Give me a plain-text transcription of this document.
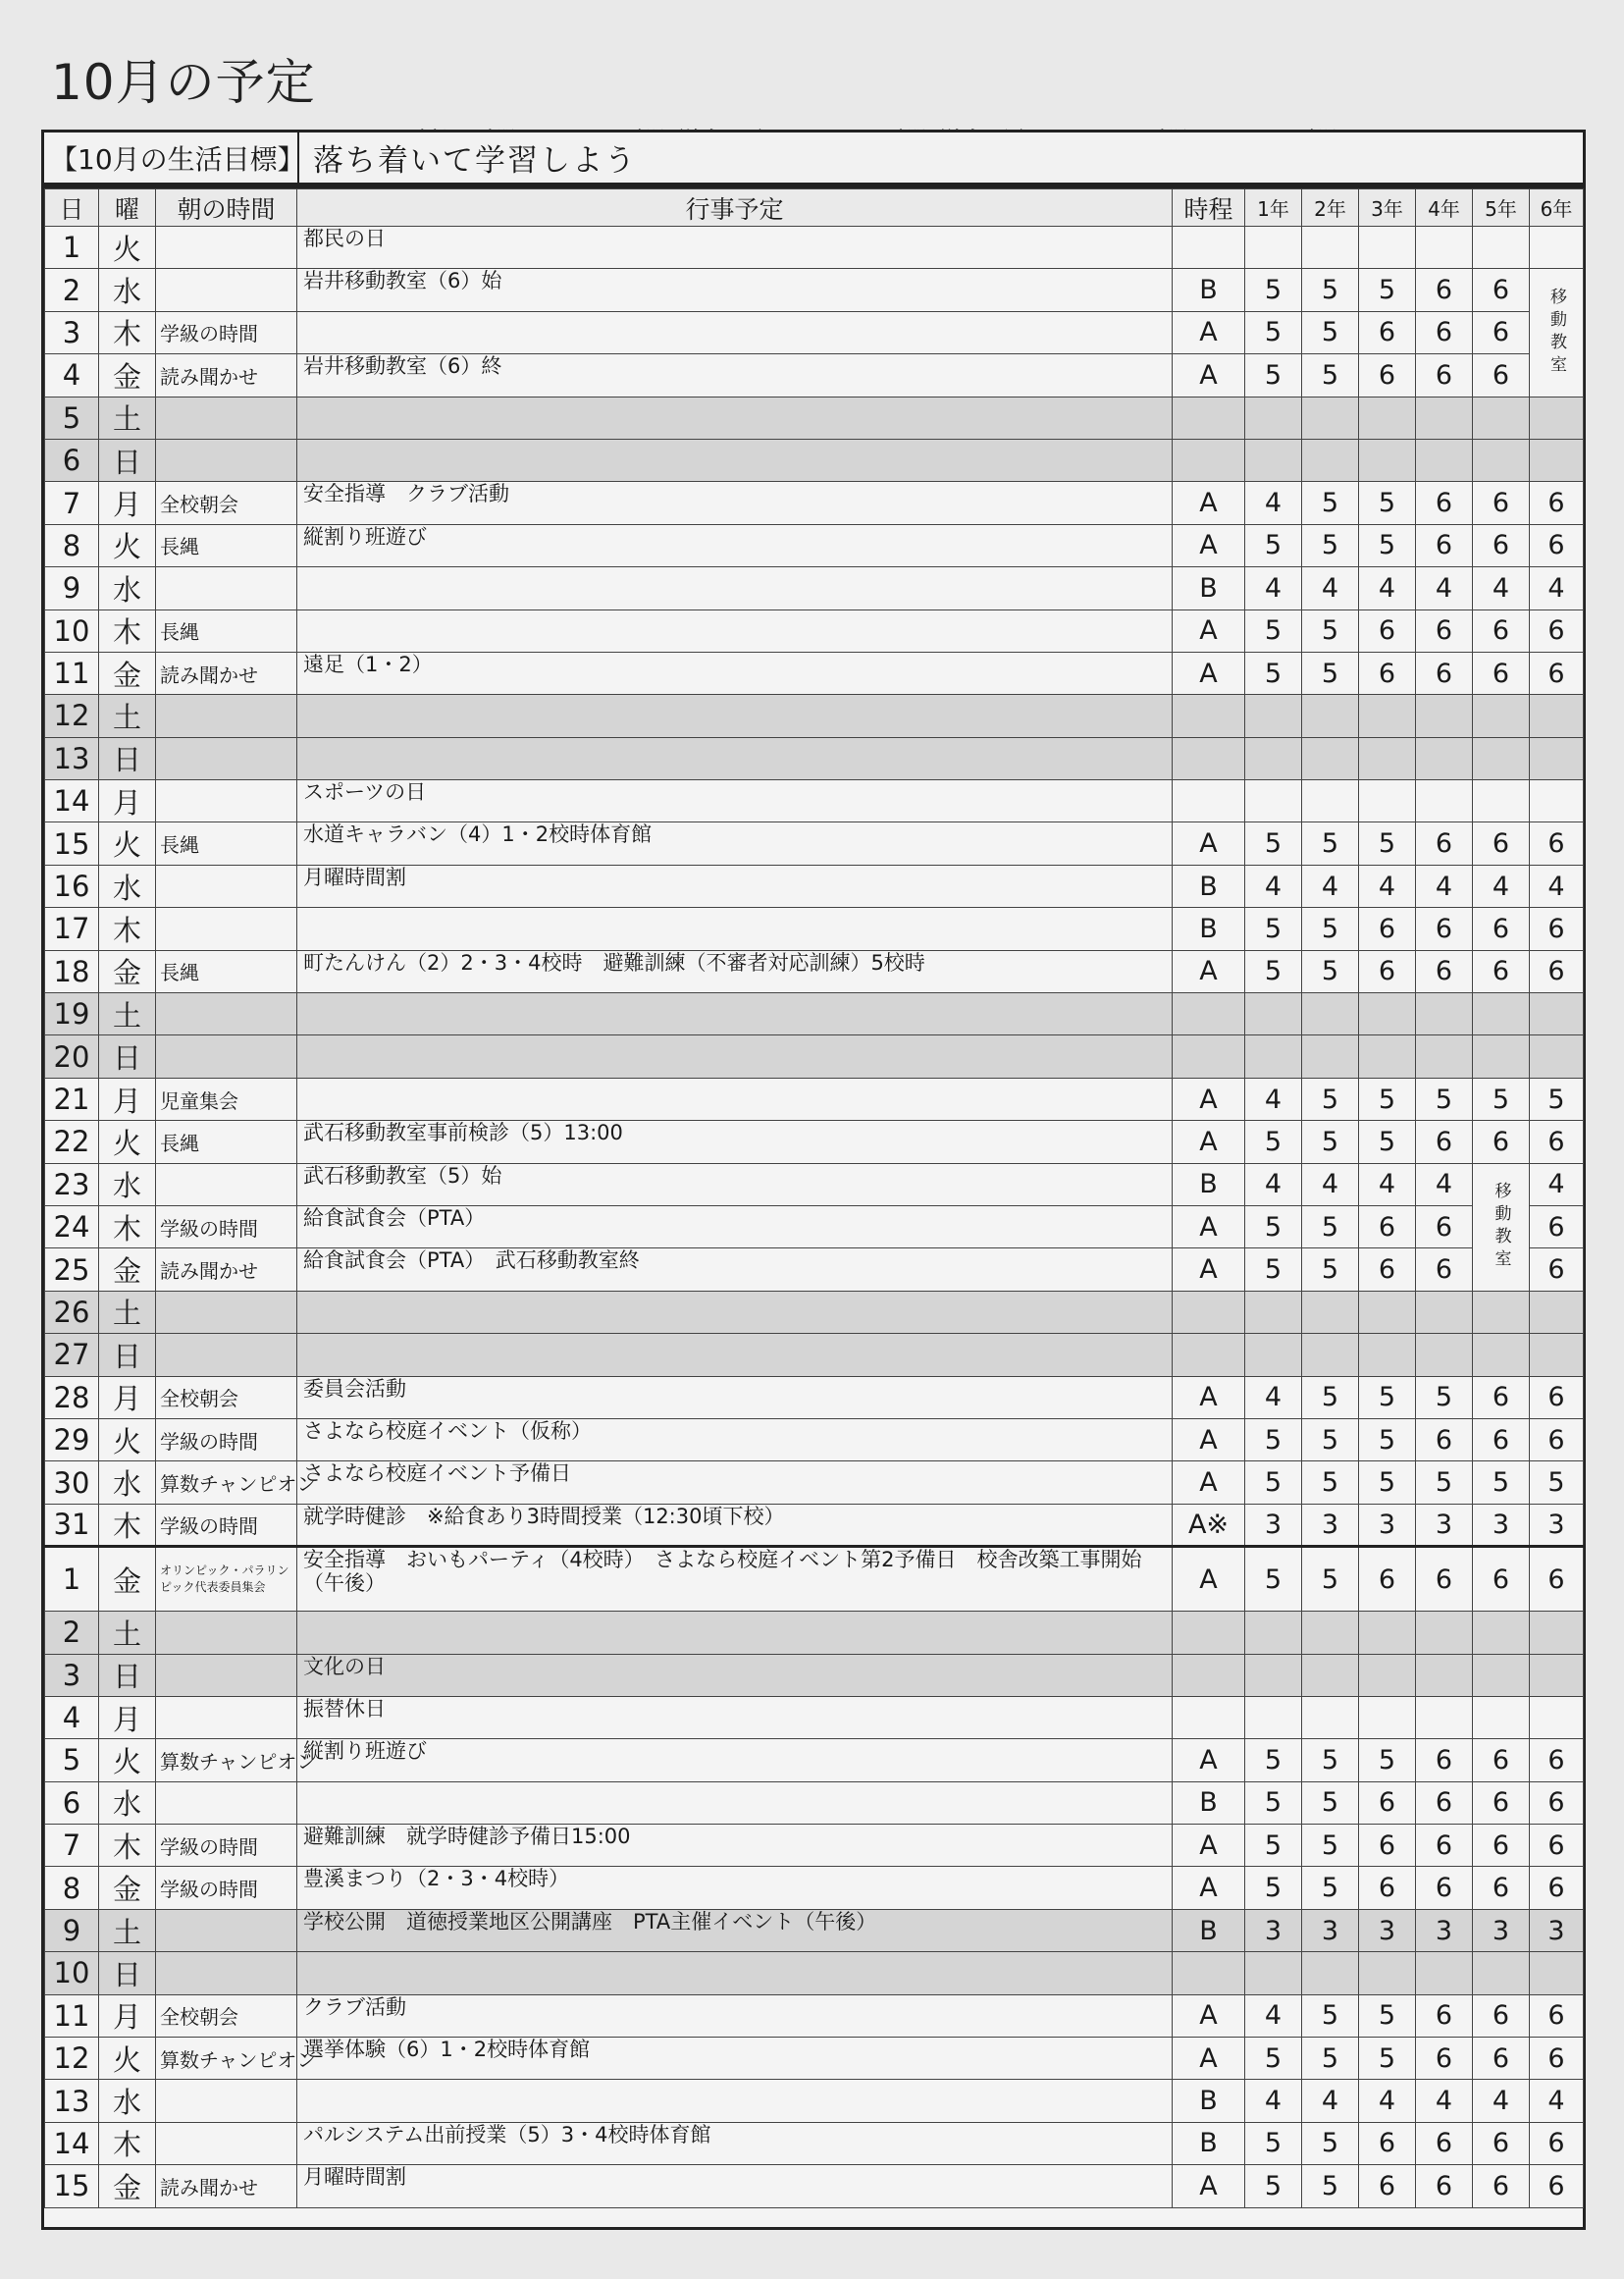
10月の予定

【10月の生活目標】 落ち着いて学習しよう
日	曜	朝の時間	行事予定	時程	1年	2年	3年	4年	5年	6年
1	火		都民の日							
2	水		岩井移動教室（6）始	B	5	5	5	6	6	移動教室

3	木	学級の時間		A	5	5	6	6	6	
4	金	読み聞かせ	岩井移動教室（6）終	A	5	5	6	6	6	
5	土									
6	日									
7	月	全校朝会	安全指導　クラブ活動	A	4	5	5	6	6	6
8	火	長縄	縦割り班遊び	A	5	5	5	6	6	6
9	水			B	4	4	4	4	4	4
10	木	長縄		A	5	5	6	6	6	6
11	金	読み聞かせ	遠足（1・2）	A	5	5	6	6	6	6
12	土									
13	日									
14	月		スポーツの日							
15	火	長縄	水道キャラバン（4）1・2校時体育館	A	5	5	5	6	6	6
16	水		月曜時間割	B	4	4	4	4	4	4
17	木			B	5	5	6	6	6	6
18	金	長縄	町たんけん（2）2・3・4校時　避難訓練（不審者対応訓練）5校時	A	5	5	6	6	6	6
19	土									
20	日									
21	月	児童集会		A	4	5	5	5	5	5
22	火	長縄	武石移動教室事前検診（5）13:00	A	5	5	5	6	6	6
23	水		武石移動教室（5）始	B	4	4	4	4	移動教室	4
24	木	学級の時間	給食試食会（PTA）	A	5	5	6	6		6
25	金	読み聞かせ	給食試食会（PTA）　武石移動教室終	A	5	5	6	6		6
26	土									
27	日									
28	月	全校朝会	委員会活動	A	4	5	5	5	6	6
29	火	学級の時間	さよなら校庭イベント（仮称）	A	5	5	5	6	6	6
30	水	算数チャンピオン	さよなら校庭イベント予備日	A	5	5	5	5	5	5
31	木	学級の時間	就学時健診　※給食あり3時間授業（12:30頃下校）	A※	3	3	3	3	3	3
1	金	オリンピック・パラリンピック代表委員集会	安全指導　おいもパーティ（4校時）　さよなら校庭イベント第2予備日　校舎改築工事開始（午後）	A	5	5	6	6	6	6
2	土									
3	日		文化の日							
4	月		振替休日							
5	火	算数チャンピオン	縦割り班遊び	A	5	5	5	6	6	6
6	水			B	5	5	6	6	6	6
7	木	学級の時間	避難訓練　就学時健診予備日15:00	A	5	5	6	6	6	6
8	金	学級の時間	豊溪まつり（2・3・4校時）	A	5	5	6	6	6	6
9	土		学校公開　道徳授業地区公開講座　PTA主催イベント（午後）	B	3	3	3	3	3	3
10	日									
11	月	全校朝会	クラブ活動	A	4	5	5	6	6	6
12	火	算数チャンピオン	選挙体験（6）1・2校時体育館	A	5	5	5	6	6	6
13	水			B	4	4	4	4	4	4
14	木		パルシステム出前授業（5）3・4校時体育館	B	5	5	6	6	6	6
15	金	読み聞かせ	月曜時間割	A	5	5	6	6	6	6
